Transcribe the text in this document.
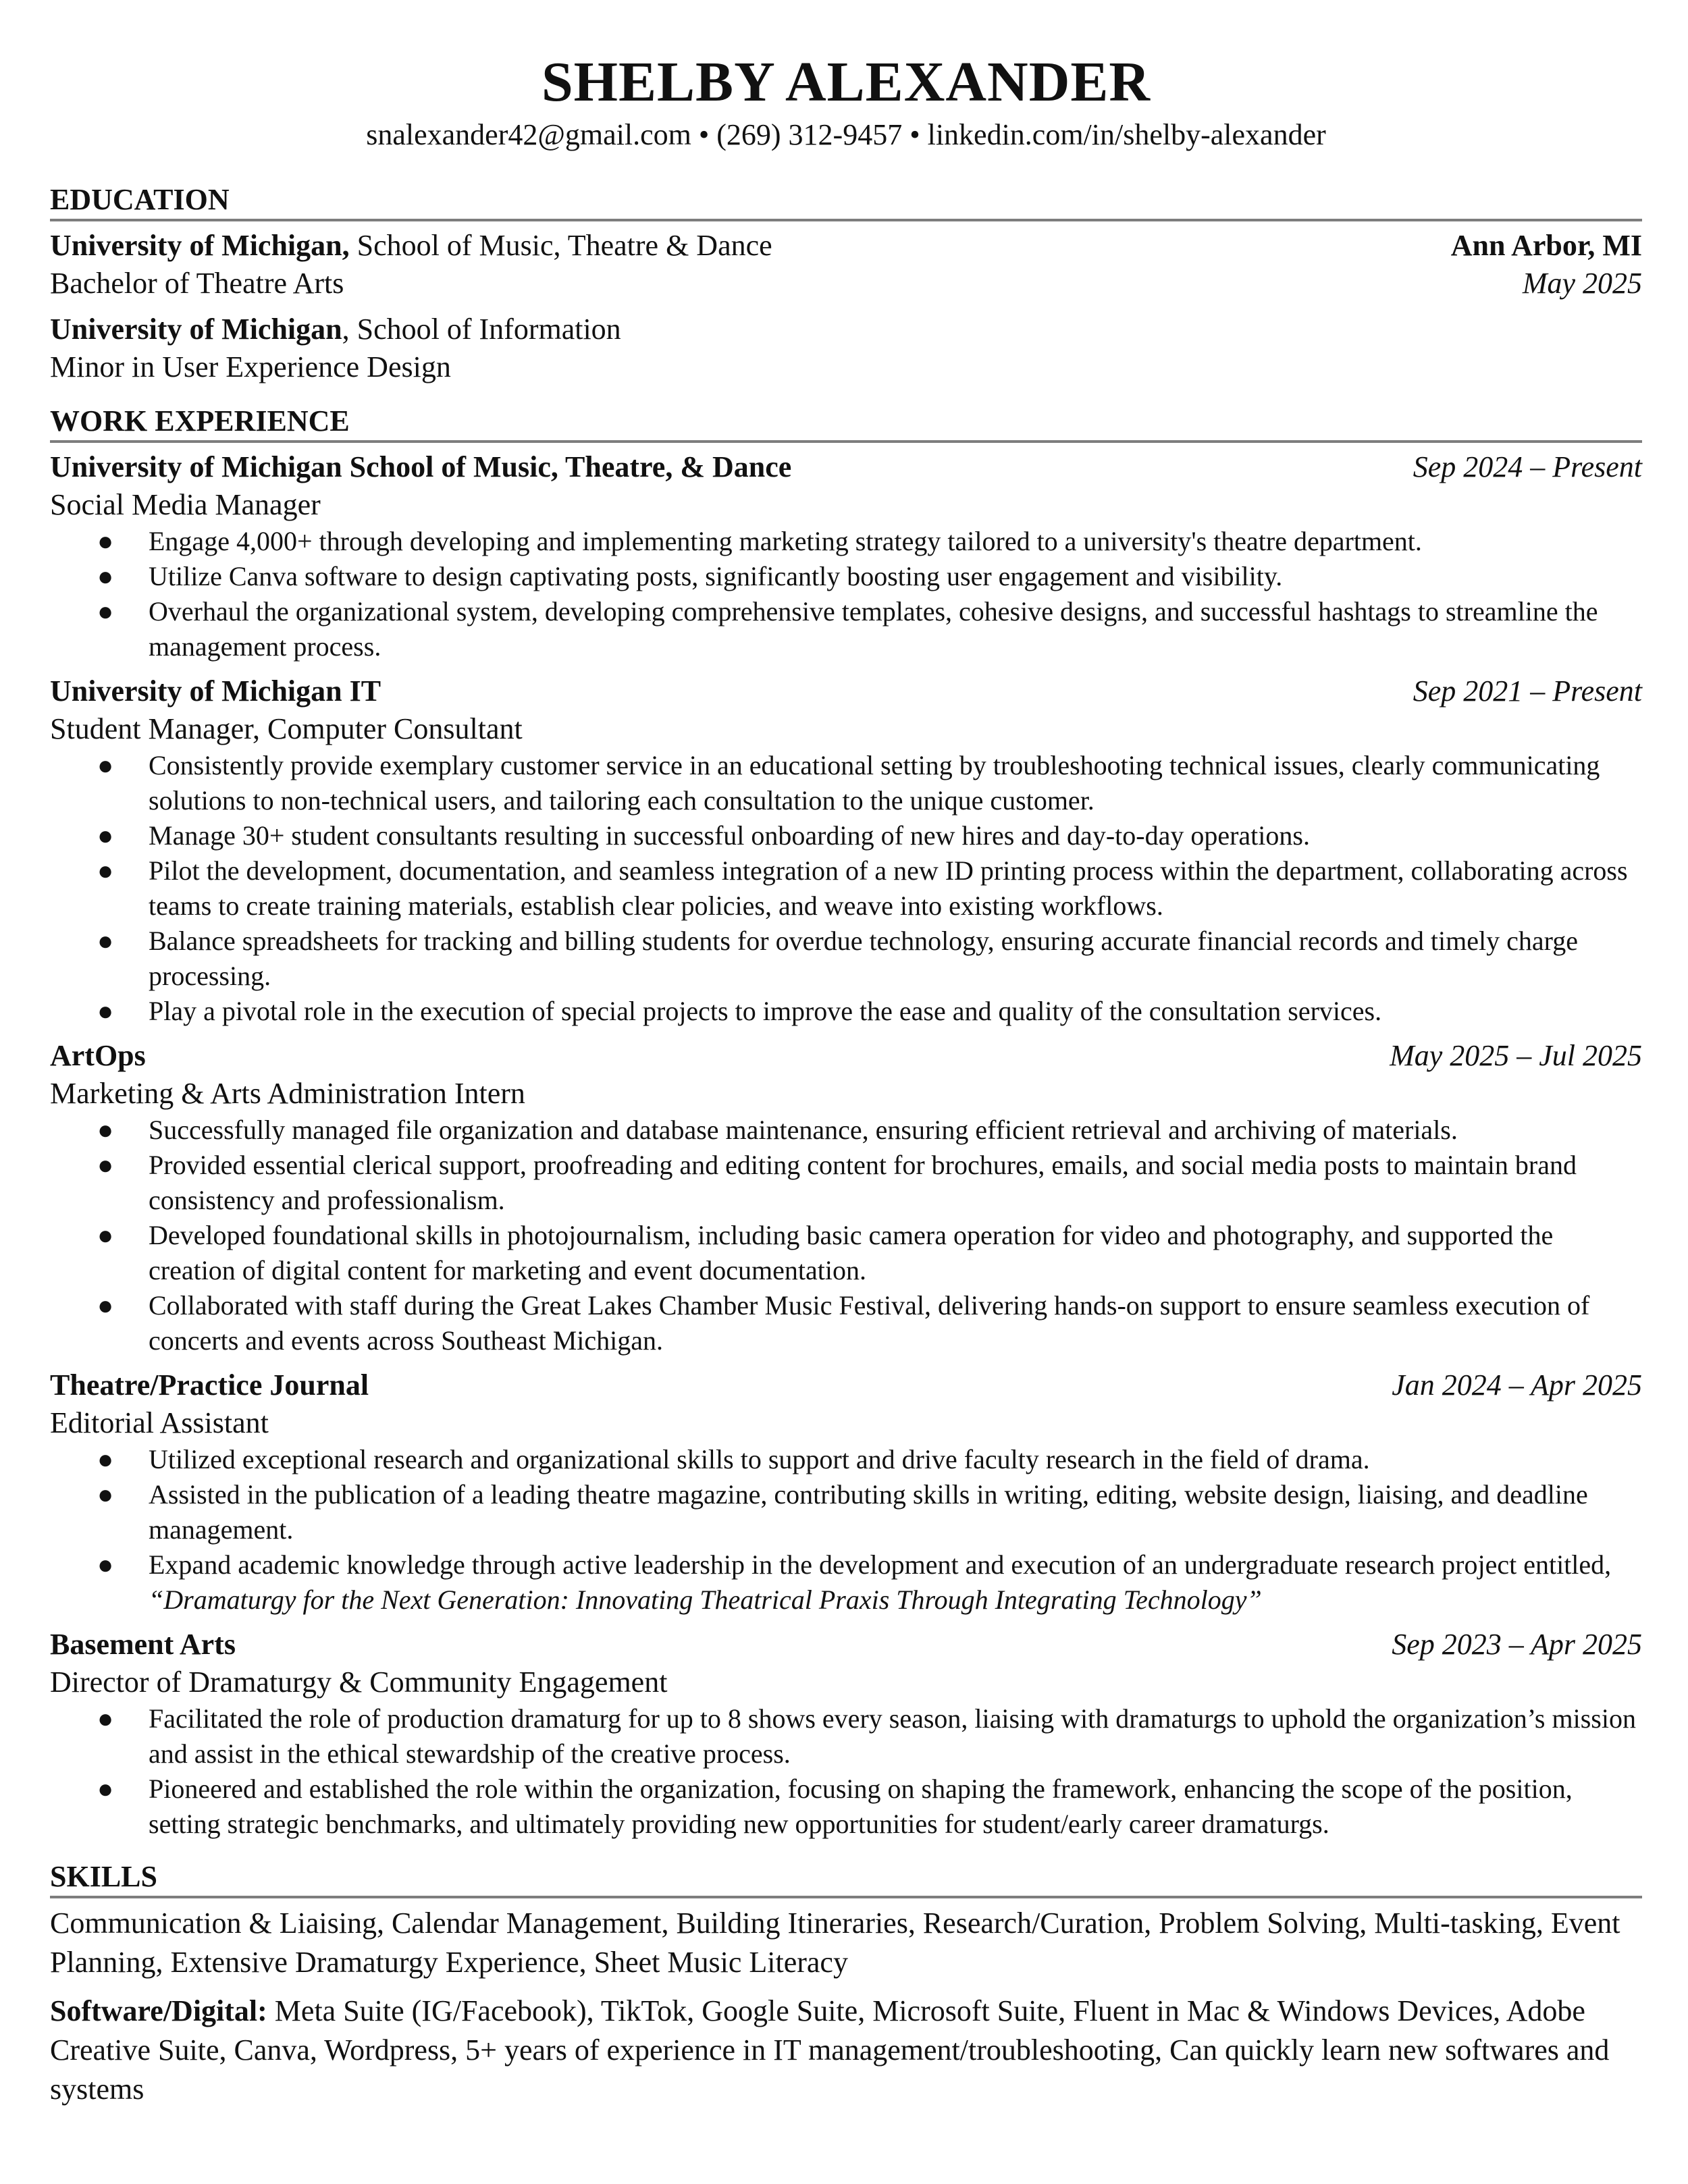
SHELBY ALEXANDER

snalexander42@gmail.com • (269) 312-9457 • linkedin.com/in/shelby-alexander

EDUCATION
University of Michigan, School of Music, Theatre & Dance	Ann Arbor, MI
Bachelor of Theatre Arts	May 2025
University of Michigan, School of Information
Minor in User Experience Design
WORK EXPERIENCE
University of Michigan School of Music, Theatre, & Dance	Sep 2024 – Present
Social Media Manager
● Engage 4,000+ through developing and implementing marketing strategy tailored to a university's theatre department.
● Utilize Canva software to design captivating posts, significantly boosting user engagement and visibility.
● Overhaul the organizational system, developing comprehensive templates, cohesive designs, and successful hashtags to streamline the management process.
University of Michigan IT	Sep 2021 – Present
Student Manager, Computer Consultant
● Consistently provide exemplary customer service in an educational setting by troubleshooting technical issues, clearly communicating solutions to non-technical users, and tailoring each consultation to the unique customer.
● Manage 30+ student consultants resulting in successful onboarding of new hires and day-to-day operations.
● Pilot the development, documentation, and seamless integration of a new ID printing process within the department, collaborating across teams to create training materials, establish clear policies, and weave into existing workflows.
● Balance spreadsheets for tracking and billing students for overdue technology, ensuring accurate financial records and timely charge processing.
● Play a pivotal role in the execution of special projects to improve the ease and quality of the consultation services.
ArtOps	May 2025 – Jul 2025
Marketing & Arts Administration Intern
● Successfully managed file organization and database maintenance, ensuring efficient retrieval and archiving of materials.
● Provided essential clerical support, proofreading and editing content for brochures, emails, and social media posts to maintain brand consistency and professionalism.
● Developed foundational skills in photojournalism, including basic camera operation for video and photography, and supported the creation of digital content for marketing and event documentation.
● Collaborated with staff during the Great Lakes Chamber Music Festival, delivering hands-on support to ensure seamless execution of concerts and events across Southeast Michigan.
Theatre/Practice Journal	Jan 2024 – Apr 2025
Editorial Assistant
● Utilized exceptional research and organizational skills to support and drive faculty research in the field of drama.
● Assisted in the publication of a leading theatre magazine, contributing skills in writing, editing, website design, liaising, and deadline management.
● Expand academic knowledge through active leadership in the development and execution of an undergraduate research project entitled, “Dramaturgy for the Next Generation: Innovating Theatrical Praxis Through Integrating Technology”
Basement Arts	Sep 2023 – Apr 2025
Director of Dramaturgy & Community Engagement
● Facilitated the role of production dramaturg for up to 8 shows every season, liaising with dramaturgs to uphold the organization’s mission and assist in the ethical stewardship of the creative process.
● Pioneered and established the role within the organization, focusing on shaping the framework, enhancing the scope of the position, setting strategic benchmarks, and ultimately providing new opportunities for student/early career dramaturgs.
SKILLS

Communication & Liaising, Calendar Management, Building Itineraries, Research/Curation, Problem Solving, Multi-tasking, Event Planning, Extensive Dramaturgy Experience, Sheet Music Literacy

Software/Digital: Meta Suite (IG/Facebook), TikTok, Google Suite, Microsoft Suite, Fluent in Mac & Windows Devices, Adobe Creative Suite, Canva, Wordpress, 5+ years of experience in IT management/troubleshooting, Can quickly learn new softwares and systems
